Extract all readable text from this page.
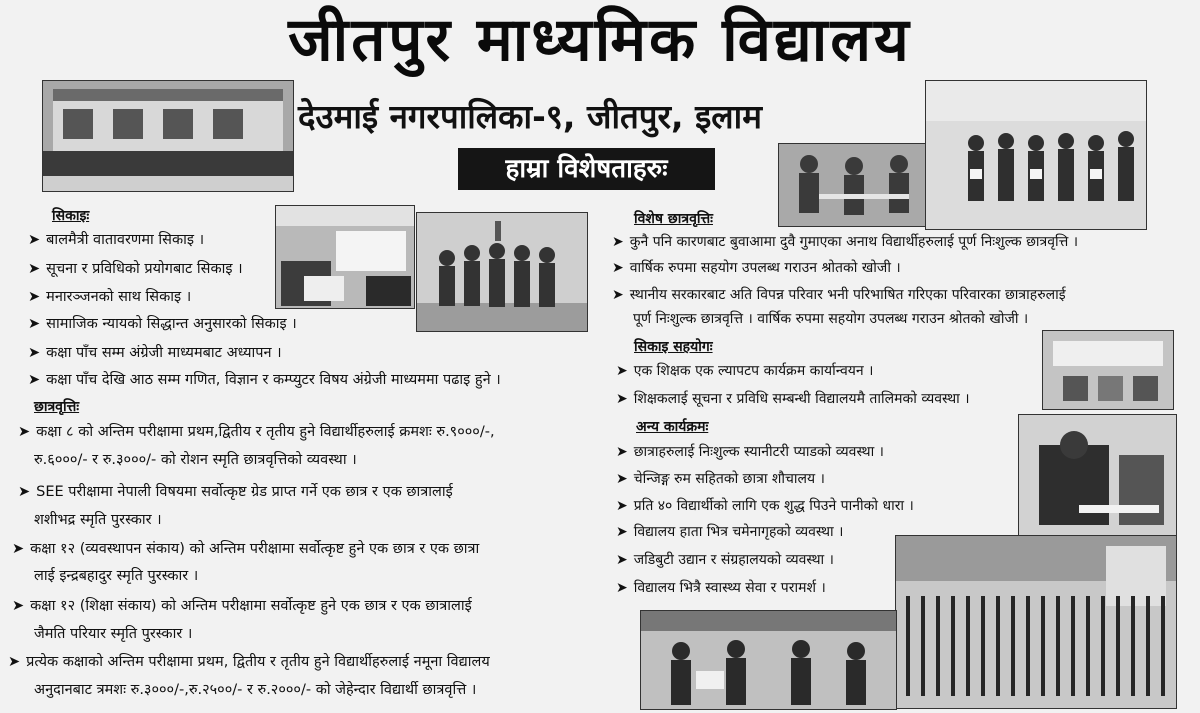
जीतपुर माध्यमिक विद्यालय
देउमाई नगरपालिका-९, जीतपुर, इलाम
हाम्रा विशेषताहरुः
सिकाइः
➤ बालमैत्री वातावरणमा सिकाइ ।
➤ सूचना र प्रविधिको प्रयोगबाट सिकाइ ।
➤ मनारञ्जनको साथ सिकाइ ।
➤ सामाजिक न्यायको सिद्धान्त अनुसारको सिकाइ ।
➤ कक्षा पाँच सम्म अंग्रेजी माध्यमबाट अध्यापन ।
➤ कक्षा पाँच देखि आठ सम्म गणित, विज्ञान र कम्प्युटर विषय अंग्रेजी माध्यममा पढाइ हुने ।
छात्रवृत्तिः
➤ कक्षा ८ को अन्तिम परीक्षामा प्रथम,द्वितीय र तृतीय हुने विद्यार्थीहरुलाई क्रमशः रु.९०००/-,
रु.६०००/- र रु.३०००/- को रोशन स्मृति छात्रवृत्तिको व्यवस्था ।
➤ SEE परीक्षामा नेपाली विषयमा सर्वोत्कृष्ट ग्रेड प्राप्त गर्ने एक छात्र र एक छात्रालाई
शशीभद्र स्मृति पुरस्कार ।
➤ कक्षा १२ (व्यवस्थापन संकाय) को अन्तिम परीक्षामा सर्वोत्कृष्ट हुने एक छात्र र एक छात्रा
लाई इन्द्रबहादुर स्मृति पुरस्कार ।
➤ कक्षा १२ (शिक्षा संकाय) को अन्तिम परीक्षामा सर्वोत्कृष्ट हुने एक छात्र र एक छात्रालाई
जैमति परियार स्मृति पुरस्कार ।
➤ प्रत्येक कक्षाको अन्तिम परीक्षामा प्रथम, द्वितीय र तृतीय हुने विद्यार्थीहरुलाई नमूना विद्यालय
अनुदानबाट त्रमशः रु.३०००/-,रु.२५००/- र रु.२०००/- को जेहेन्दार विद्यार्थी छात्रवृत्ति ।
विशेष छात्रवृत्तिः
➤ कुनै पनि कारणबाट बुवाआमा दुवै गुमाएका अनाथ विद्यार्थीहरुलाई पूर्ण निःशुल्क छात्रवृत्ति ।
➤ वार्षिक रुपमा सहयोग उपलब्ध गराउन श्रोतको खोजी ।
➤ स्थानीय सरकारबाट अति विपन्न परिवार भनी परिभाषित गरिएका परिवारका छात्राहरुलाई
पूर्ण निःशुल्क छात्रवृत्ति । वार्षिक रुपमा सहयोग उपलब्ध गराउन श्रोतको खोजी ।
सिकाइ सहयोगः
➤ एक शिक्षक एक ल्यापटप कार्यक्रम कार्यान्वयन ।
➤ शिक्षकलाई सूचना र प्रविधि सम्बन्धी विद्यालयमै तालिमको व्यवस्था ।
अन्य कार्यक्रमः
➤ छात्राहरुलाई निःशुल्क स्यानीटरी प्याडको व्यवस्था ।
➤ चेन्जिङ्ग रुम सहितको छात्रा शौचालय ।
➤ प्रति ४० विद्यार्थीको लागि एक शुद्ध पिउने पानीको धारा ।
➤ विद्यालय हाता भित्र चमेनागृहको व्यवस्था ।
➤ जडिबुटी उद्यान र संग्रहालयको व्यवस्था ।
➤ विद्यालय भित्रै स्वास्थ्य सेवा र परामर्श ।
